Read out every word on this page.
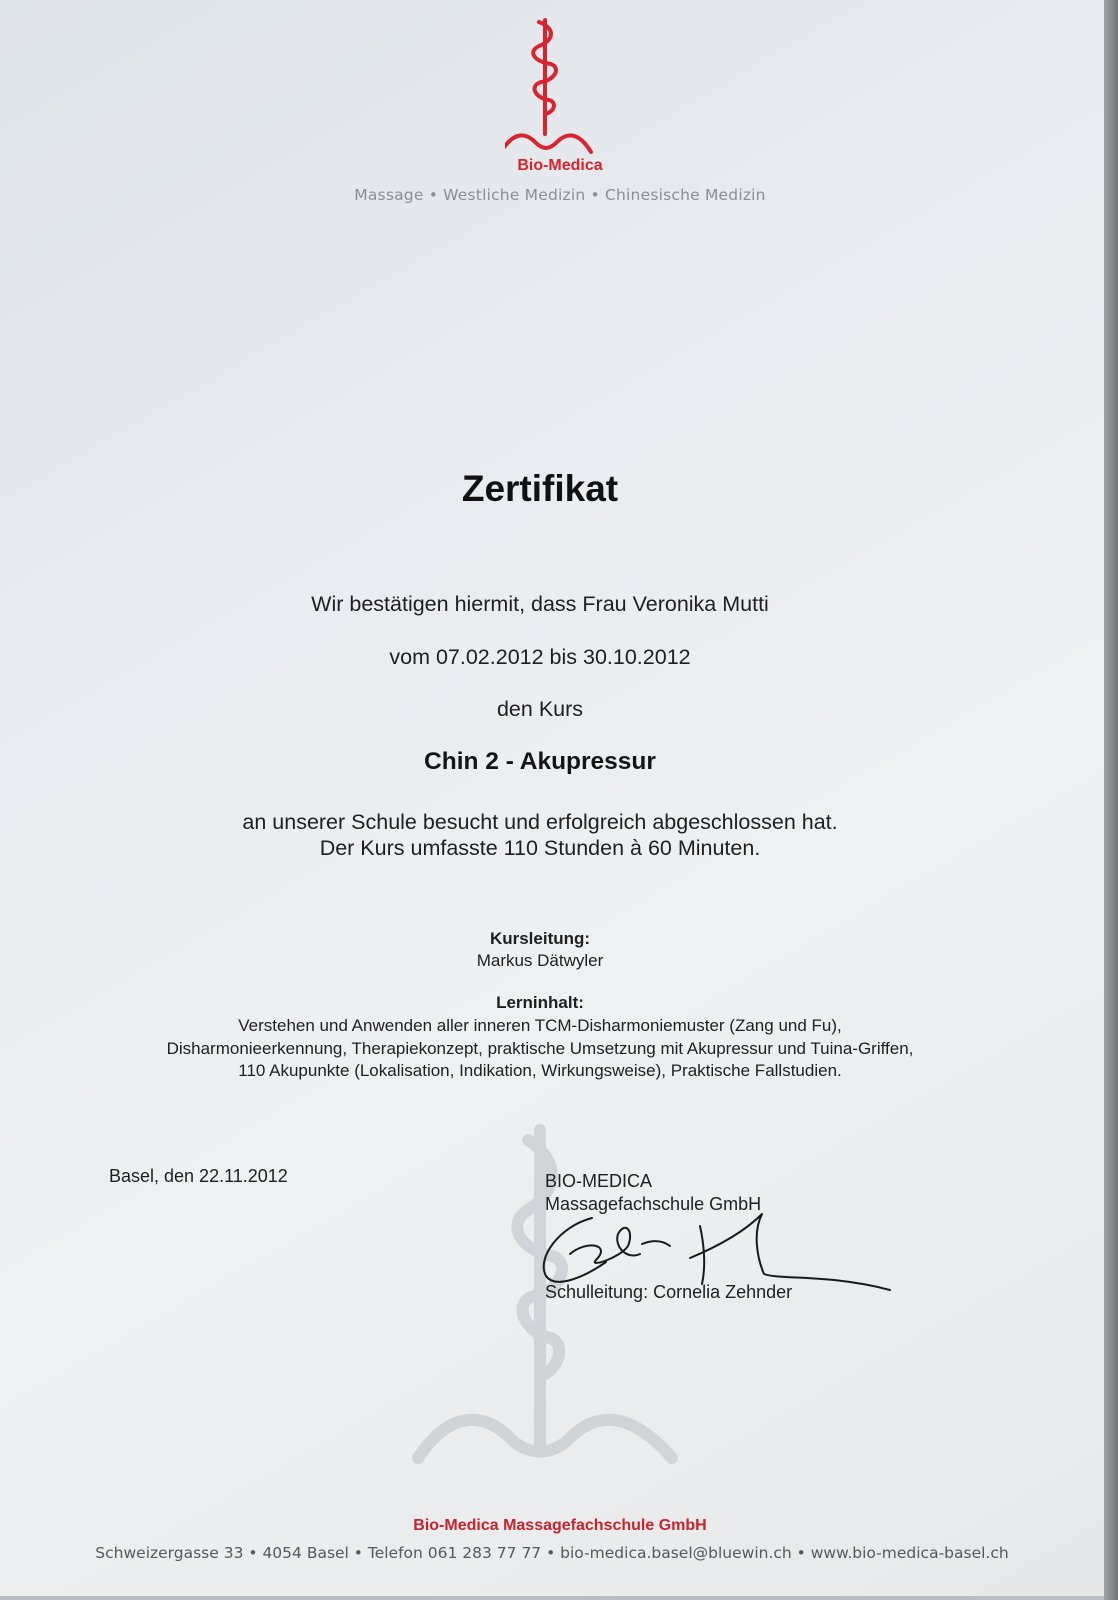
Bio-Medica
Massage • Westliche Medizin • Chinesische Medizin
Zertifikat
Wir bestätigen hiermit, dass Frau Veronika Mutti
vom 07.02.2012 bis 30.10.2012
den Kurs
Chin 2 - Akupressur
an unserer Schule besucht und erfolgreich abgeschlossen hat.
Der Kurs umfasste 110 Stunden à 60 Minuten.
Kursleitung:
Markus Dätwyler
Lerninhalt:
Verstehen und Anwenden aller inneren TCM-Disharmoniemuster (Zang und Fu),
Disharmonieerkennung, Therapiekonzept, praktische Umsetzung mit Akupressur und Tuina-Griffen,
110 Akupunkte (Lokalisation, Indikation, Wirkungsweise), Praktische Fallstudien.
Basel, den 22.11.2012	BIO-MEDICA
Massagefachschule GmbH
Schulleitung: Cornelia Zehnder
Bio-Medica Massagefachschule GmbH
Schweizergasse 33 • 4054 Basel • Telefon 061 283 77 77 • bio-medica.basel@bluewin.ch • www.bio-medica-basel.ch
